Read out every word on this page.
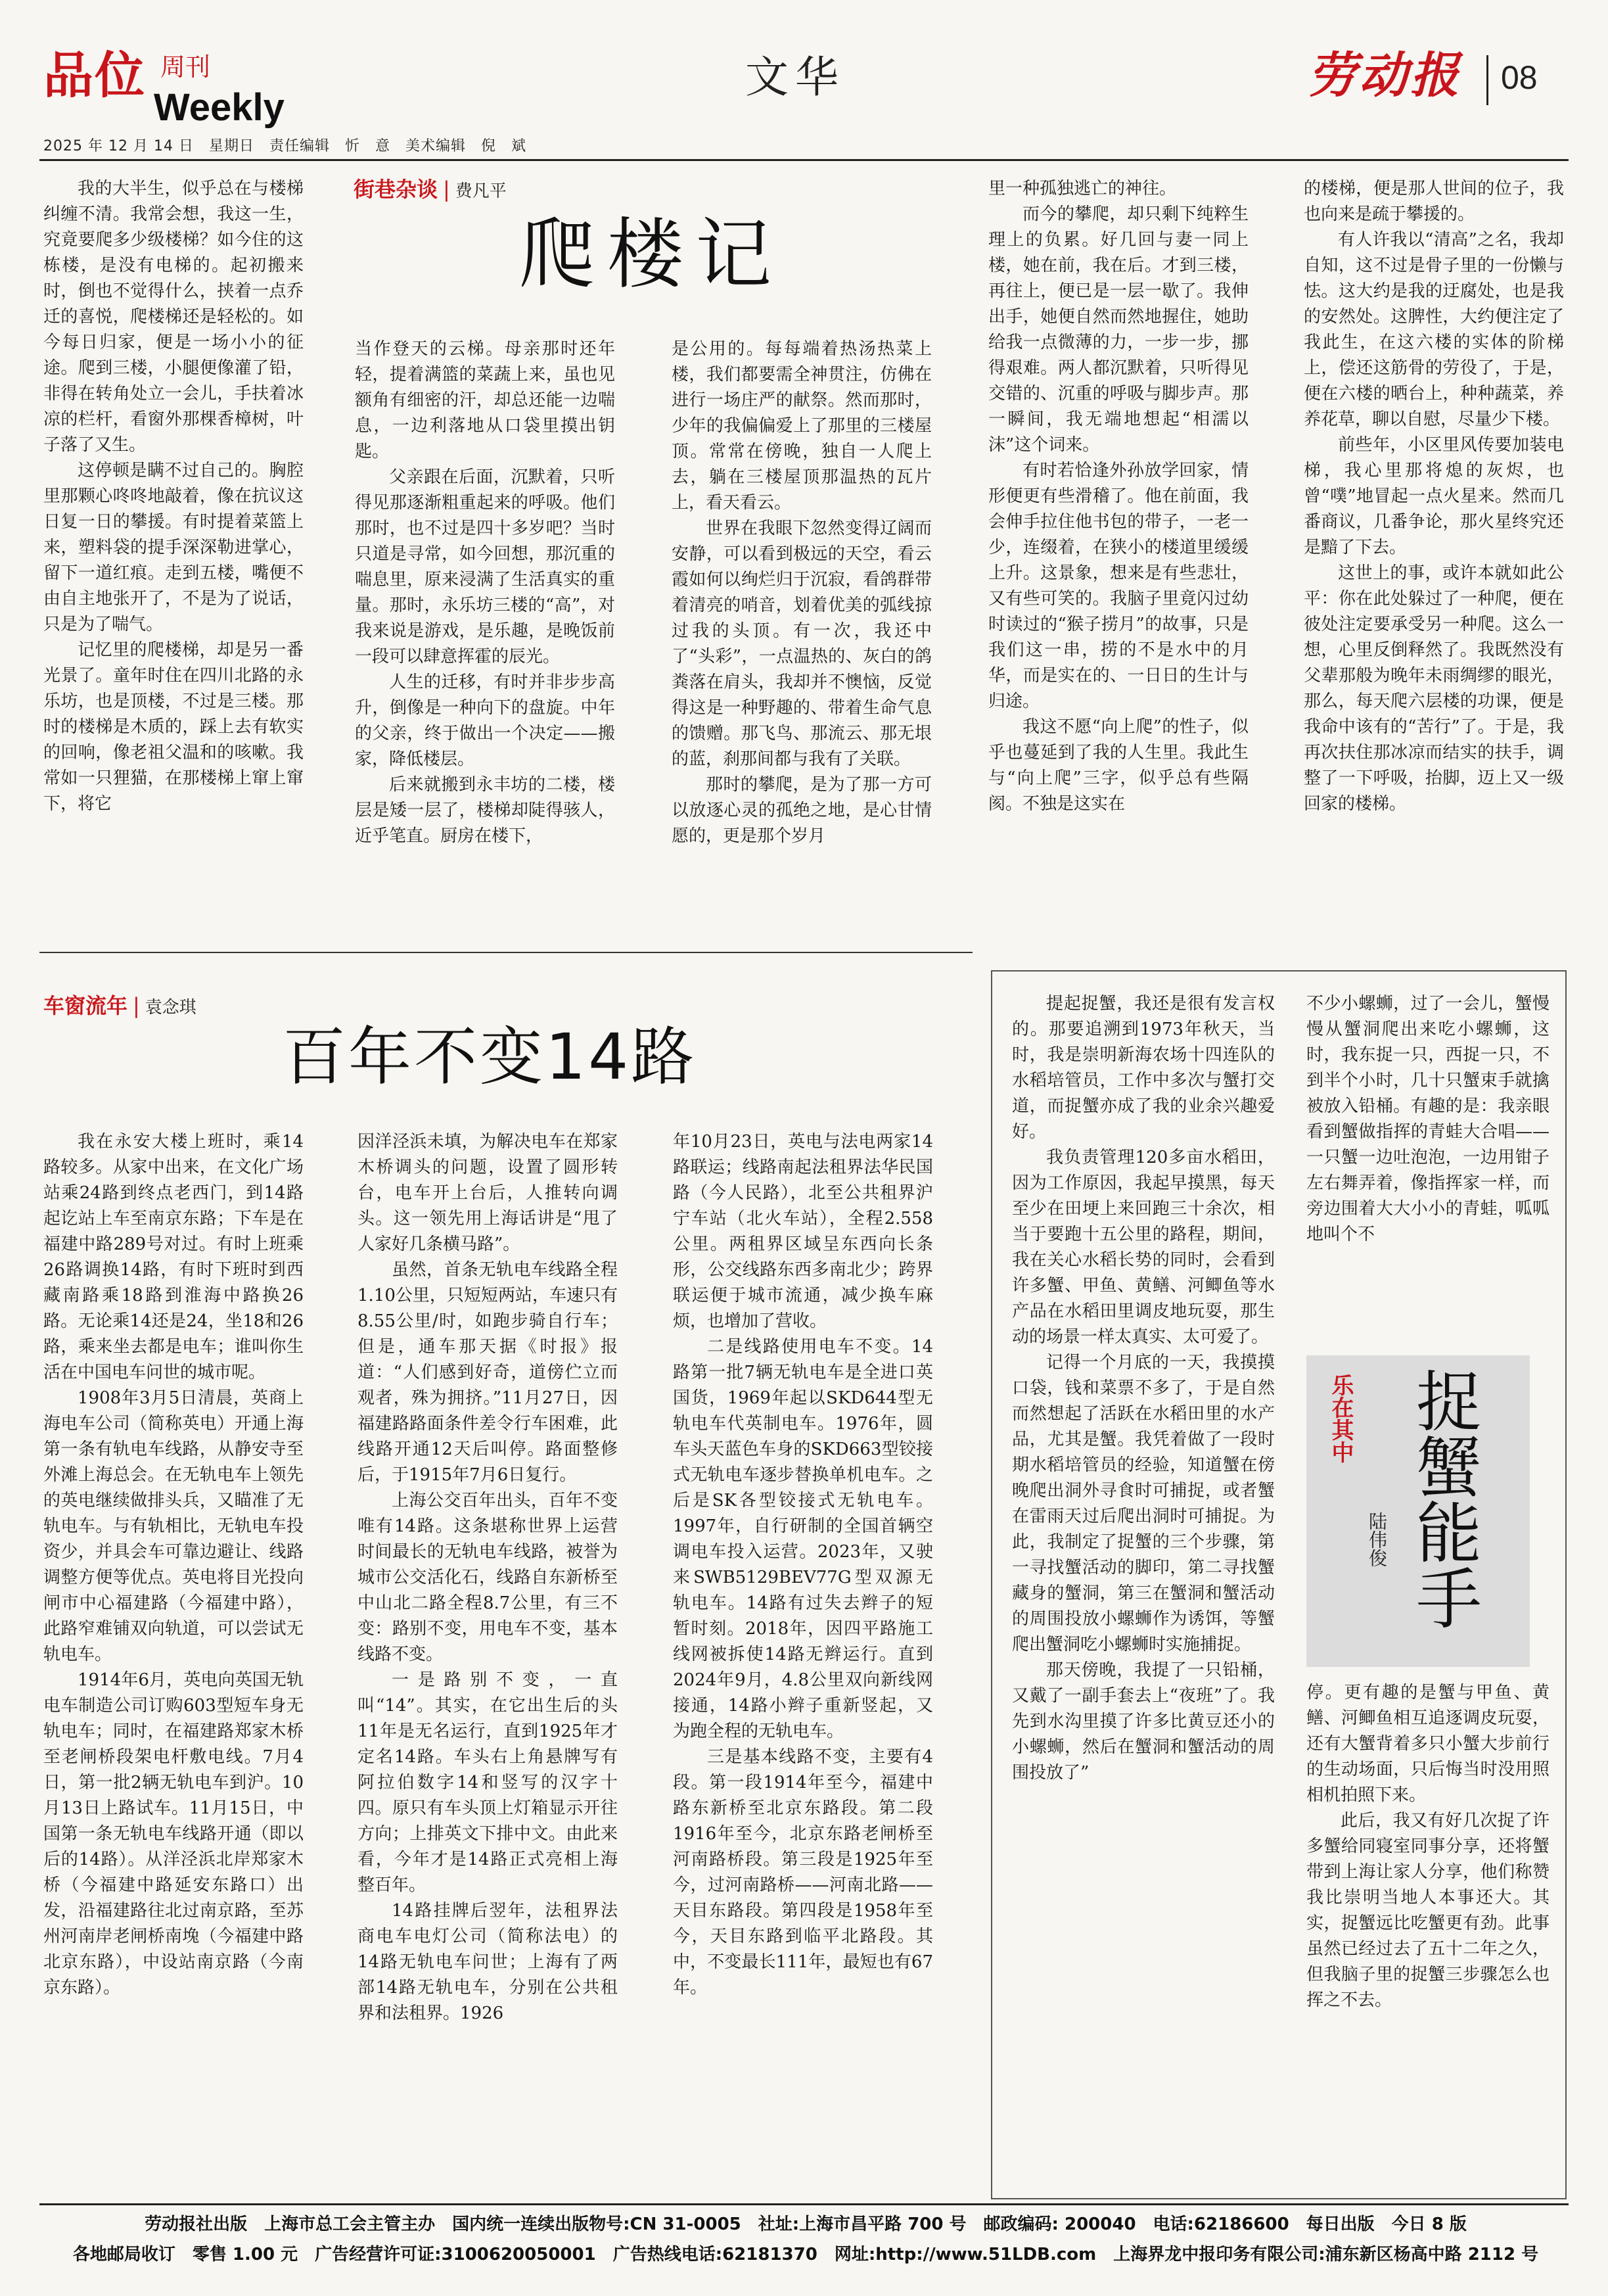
品位 周刊
Weekly
文华	劳动报 08
2025 年 12 月 14 日　星期日　责任编辑　忻　意　美术编辑　倪　斌
街巷杂谈 | 费凡平
爬楼记

我的大半生，似乎总在与楼梯纠缠不清。我常会想，我这一生，究竟要爬多少级楼梯？如今住的这栋楼，是没有电梯的。起初搬来时，倒也不觉得什么，挟着一点乔迁的喜悦，爬楼梯还是轻松的。如今每日归家，便是一场小小的征途。爬到三楼，小腿便像灌了铅，非得在转角处立一会儿，手扶着冰凉的栏杆，看窗外那棵香樟树，叶子落了又生。

这停顿是瞒不过自己的。胸腔里那颗心咚咚地敲着，像在抗议这日复一日的攀援。有时提着菜篮上来，塑料袋的提手深深勒进掌心，留下一道红痕。走到五楼，嘴便不由自主地张开了，不是为了说话，只是为了喘气。

记忆里的爬楼梯，却是另一番光景了。童年时住在四川北路的永乐坊，也是顶楼，不过是三楼。那时的楼梯是木质的，踩上去有软实的回响，像老祖父温和的咳嗽。我常如一只狸猫，在那楼梯上窜上窜下，将它

当作登天的云梯。母亲那时还年轻，提着满篮的菜蔬上来，虽也见额角有细密的汗，却总还能一边喘息，一边利落地从口袋里摸出钥匙。

父亲跟在后面，沉默着，只听得见那逐渐粗重起来的呼吸。他们那时，也不过是四十多岁吧？当时只道是寻常，如今回想，那沉重的喘息里，原来浸满了生活真实的重量。那时，永乐坊三楼的“高”，对我来说是游戏，是乐趣，是晚饭前一段可以肆意挥霍的辰光。

人生的迁移，有时并非步步高升，倒像是一种向下的盘旋。中年的父亲，终于做出一个决定——搬家，降低楼层。

后来就搬到永丰坊的二楼，楼层是矮一层了，楼梯却陡得骇人，近乎笔直。厨房在楼下，

是公用的。每每端着热汤热菜上楼，我们都要需全神贯注，仿佛在进行一场庄严的献祭。然而那时，少年的我偏偏爱上了那里的三楼屋顶。常常在傍晚，独自一人爬上去，躺在三楼屋顶那温热的瓦片上，看天看云。

世界在我眼下忽然变得辽阔而安静，可以看到极远的天空，看云霞如何以绚烂归于沉寂，看鸽群带着清亮的哨音，划着优美的弧线掠过我的头顶。有一次，我还中了“头彩”，一点温热的、灰白的鸽粪落在肩头，我却并不懊恼，反觉得这是一种野趣的、带着生命气息的馈赠。那飞鸟、那流云、那无垠的蓝，刹那间都与我有了关联。

那时的攀爬，是为了那一方可以放逐心灵的孤绝之地，是心甘情愿的，更是那个岁月

里一种孤独逃亡的神往。

而今的攀爬，却只剩下纯粹生理上的负累。好几回与妻一同上楼，她在前，我在后。才到三楼，再往上，便已是一层一歇了。我伸出手，她便自然而然地握住，她助给我一点微薄的力，一步一步，挪得艰难。两人都沉默着，只听得见交错的、沉重的呼吸与脚步声。那一瞬间，我无端地想起“相濡以沫”这个词来。

有时若恰逢外孙放学回家，情形便更有些滑稽了。他在前面，我会伸手拉住他书包的带子，一老一少，连缀着，在狭小的楼道里缓缓上升。这景象，想来是有些悲壮，又有些可笑的。我脑子里竟闪过幼时读过的“猴子捞月”的故事，只是我们这一串，捞的不是水中的月华，而是实在的、一日日的生计与归途。

我这不愿“向上爬”的性子，似乎也蔓延到了我的人生里。我此生与“向上爬”三字，似乎总有些隔阂。不独是这实在

的楼梯，便是那人世间的位子，我也向来是疏于攀援的。

有人许我以“清高”之名，我却自知，这不过是骨子里的一份懒与怯。这大约是我的迂腐处，也是我的安然处。这脾性，大约便注定了我此生，在这六楼的实体的阶梯上，偿还这筋骨的劳役了，于是，便在六楼的晒台上，种种蔬菜，养养花草，聊以自慰，尽量少下楼。

前些年，小区里风传要加装电梯，我心里那将熄的灰烬，也曾“噗”地冒起一点火星来。然而几番商议，几番争论，那火星终究还是黯了下去。

这世上的事，或许本就如此公平：你在此处躲过了一种爬，便在彼处注定要承受另一种爬。这么一想，心里反倒释然了。我既然没有父辈那般为晚年未雨绸缪的眼光，那么，每天爬六层楼的功课，便是我命中该有的“苦行”了。于是，我再次扶住那冰凉而结实的扶手，调整了一下呼吸，抬脚，迈上又一级回家的楼梯。

车窗流年 | 袁念琪
百年不变14路

我在永安大楼上班时，乘14路较多。从家中出来，在文化广场站乘24路到终点老西门，到14路起讫站上车至南京东路；下车是在福建中路289号对过。有时上班乘26路调换14路，有时下班时到西藏南路乘18路到淮海中路换26路。无论乘14还是24，坐18和26路，乘来坐去都是电车；谁叫你生活在中国电车问世的城市呢。

1908年3月5日清晨，英商上海电车公司（简称英电）开通上海第一条有轨电车线路，从静安寺至外滩上海总会。在无轨电车上领先的英电继续做排头兵，又瞄准了无轨电车。与有轨相比，无轨电车投资少，并具会车可靠边避让、线路调整方便等优点。英电将目光投向闸市中心福建路（今福建中路），此路窄难铺双向轨道，可以尝试无轨电车。

1914年6月，英电向英国无轨电车制造公司订购603型短车身无轨电车；同时，在福建路郑家木桥至老闸桥段架电杆敷电线。7月4日，第一批2辆无轨电车到沪。10月13日上路试车。11月15日，中国第一条无轨电车线路开通（即以后的14路）。从洋泾浜北岸郑家木桥（今福建中路延安东路口）出发，沿福建路往北过南京路，至苏州河南岸老闸桥南堍（今福建中路北京东路），中设站南京路（今南京东路）。

因洋泾浜未填，为解决电车在郑家木桥调头的问题，设置了圆形转台，电车开上台后，人推转向调头。这一领先用上海话讲是“甩了人家好几条横马路”。

虽然，首条无轨电车线路全程1.10公里，只短短两站，车速只有8.55公里/时，如跑步骑自行车；但是，通车那天据《时报》报道：“人们感到好奇，道傍伫立而观者，殊为拥挤。”11月27日，因福建路路面条件差令行车困难，此线路开通12天后叫停。路面整修后，于1915年7月6日复行。

上海公交百年出头，百年不变唯有14路。这条堪称世界上运营时间最长的无轨电车线路，被誉为城市公交活化石，线路自东新桥至中山北二路全程8.7公里，有三不变：路别不变，用电车不变，基本线路不变。

一是路别不变，一直叫“14”。其实，在它出生后的头11年是无名运行，直到1925年才定名14路。车头右上角悬牌写有阿拉伯数字14和竖写的汉字十四。原只有车头顶上灯箱显示开往方向；上排英文下排中文。由此来看，今年才是14路正式亮相上海整百年。

14路挂牌后翌年，法租界法商电车电灯公司（简称法电）的14路无轨电车问世；上海有了两部14路无轨电车，分别在公共租界和法租界。1926

年10月23日，英电与法电两家14路联运；线路南起法租界法华民国路（今人民路），北至公共租界沪宁车站（北火车站），全程2.558公里。两租界区域呈东西向长条形，公交线路东西多南北少；跨界联运便于城市流通，减少换车麻烦，也增加了营收。

二是线路使用电车不变。14路第一批7辆无轨电车是全进口英国货，1969年起以SKD644型无轨电车代英制电车。1976年，圆车头天蓝色车身的SKD663型铰接式无轨电车逐步替换单机电车。之后是SK各型铰接式无轨电车。1997年，自行研制的全国首辆空调电车投入运营。2023年，又驶来SWB5129BEV77G型双源无轨电车。14路有过失去辫子的短暂时刻。2018年，因四平路施工线网被拆使14路无辫运行。直到2024年9月，4.8公里双向新线网接通，14路小辫子重新竖起，又为跑全程的无轨电车。

三是基本线路不变，主要有4段。第一段1914年至今，福建中路东新桥至北京东路段。第二段1916年至今，北京东路老闸桥至河南路桥段。第三段是1925年至今，过河南路桥——河南北路——天目东路段。第四段是1958年至今，天目东路到临平北路段。其中，不变最长111年，最短也有67年。

提起捉蟹，我还是很有发言权的。那要追溯到1973年秋天，当时，我是崇明新海农场十四连队的水稻培管员，工作中多次与蟹打交道，而捉蟹亦成了我的业余兴趣爱好。

我负责管理120多亩水稻田，因为工作原因，我起早摸黑，每天至少在田埂上来回跑三十余次，相当于要跑十五公里的路程，期间，我在关心水稻长势的同时，会看到许多蟹、甲鱼、黄鳝、河鲫鱼等水产品在水稻田里调皮地玩耍，那生动的场景一样太真实、太可爱了。

记得一个月底的一天，我摸摸口袋，钱和菜票不多了，于是自然而然想起了活跃在水稻田里的水产品，尤其是蟹。我凭着做了一段时期水稻培管员的经验，知道蟹在傍晚爬出洞外寻食时可捕捉，或者蟹在雷雨天过后爬出洞时可捕捉。为此，我制定了捉蟹的三个步骤，第一寻找蟹活动的脚印，第二寻找蟹藏身的蟹洞，第三在蟹洞和蟹活动的周围投放小螺蛳作为诱饵，等蟹爬出蟹洞吃小螺蛳时实施捕捉。

那天傍晚，我提了一只铅桶，又戴了一副手套去上“夜班”了。我先到水沟里摸了许多比黄豆还小的小螺蛳，然后在蟹洞和蟹活动的周围投放了”

不少小螺蛳，过了一会儿，蟹慢慢从蟹洞爬出来吃小螺蛳，这时，我东捉一只，西捉一只，不到半个小时，几十只蟹束手就擒被放入铅桶。有趣的是：我亲眼看到蟹做指挥的青蛙大合唱——一只蟹一边吐泡泡，一边用钳子左右舞弄着，像指挥家一样，而旁边围着大大小小的青蛙，呱呱地叫个不

乐在其中
陆伟俊 捉蟹能手

停。更有趣的是蟹与甲鱼、黄鳝、河鲫鱼相互追逐调皮玩耍，还有大蟹背着多只小蟹大步前行的生动场面，只后悔当时没用照相机拍照下来。

此后，我又有好几次捉了许多蟹给同寝室同事分享，还将蟹带到上海让家人分享，他们称赞我比崇明当地人本事还大。其实，捉蟹远比吃蟹更有劲。此事虽然已经过去了五十二年之久，但我脑子里的捉蟹三步骤怎么也挥之不去。

劳动报社出版　上海市总工会主管主办　国内统一连续出版物号:CN 31-0005　社址:上海市昌平路 700 号　邮政编码: 200040　电话:62186600　每日出版　今日 8 版
各地邮局收订　零售 1.00 元　广告经营许可证:3100620050001　广告热线电话:62181370　网址:http://www.51LDB.com　上海界龙中报印务有限公司:浦东新区杨高中路 2112 号
